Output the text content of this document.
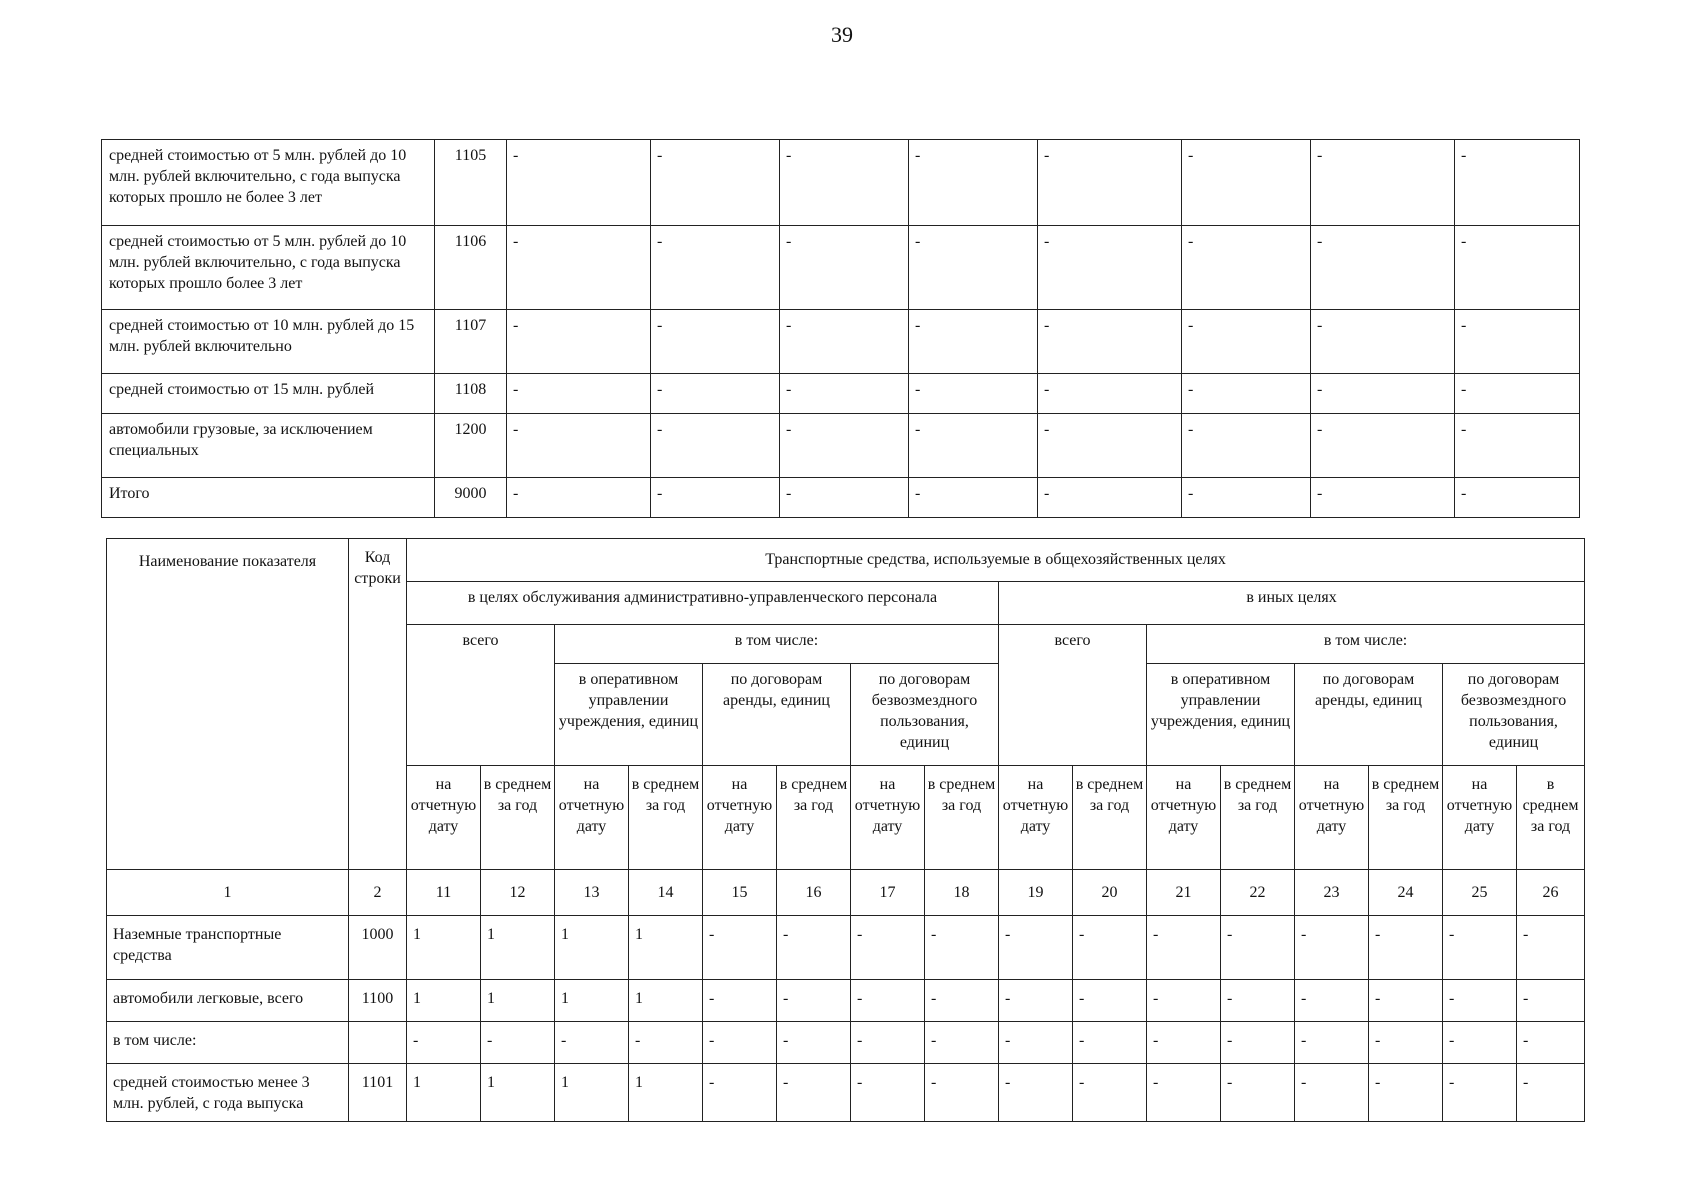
39
средней стоимостью от 5 млн. рублей до 10 млн. рублей включительно, с года выпуска которых прошло не более 3 лет	1105	-	-	-	-	-	-	-	-
средней стоимостью от 5 млн. рублей до 10 млн. рублей включительно, с года выпуска которых прошло более 3 лет	1106	-	-	-	-	-	-	-	-
средней стоимостью от 10 млн. рублей до 15 млн. рублей включительно	1107	-	-	-	-	-	-	-	-
средней стоимостью от 15 млн. рублей	1108	-	-	-	-	-	-	-	-
автомобили грузовые, за исключением специальных	1200	-	-	-	-	-	-	-	-
Итого	9000	-	-	-	-	-	-	-	-
Наименование показателя	Код строки	Транспортные средства, используемые в общехозяйственных целях															
		в целях обслуживания административно-управленческого персонала								в иных целях							
		всего		в том числе:						всего		в том числе:					
				в оперативном управлении учреждения, единиц		по договорам аренды, единиц		по договорам безвозмездного пользования, единиц				в оперативном управлении учреждения, единиц		по договорам аренды, единиц		по договорам безвозмездного пользования, единиц	
		на отчетную дату	в среднем за год	на отчетную дату	в среднем за год	на отчетную дату	в среднем за год	на отчетную дату	в среднем за год	на отчетную дату	в среднем за год	на отчетную дату	в среднем за год	на отчетную дату	в среднем за год	на отчетную дату	в среднем за год
1	2	11	12	13	14	15	16	17	18	19	20	21	22	23	24	25	26
Наземные транспортные средства	1000	1	1	1	1	-	-	-	-	-	-	-	-	-	-	-	-
автомобили легковые, всего	1100	1	1	1	1	-	-	-	-	-	-	-	-	-	-	-	-
в том числе:		-	-	-	-	-	-	-	-	-	-	-	-	-	-	-	-
средней стоимостью менее 3 млн. рублей, с года выпуска	1101	1	1	1	1	-	-	-	-	-	-	-	-	-	-	-	-
